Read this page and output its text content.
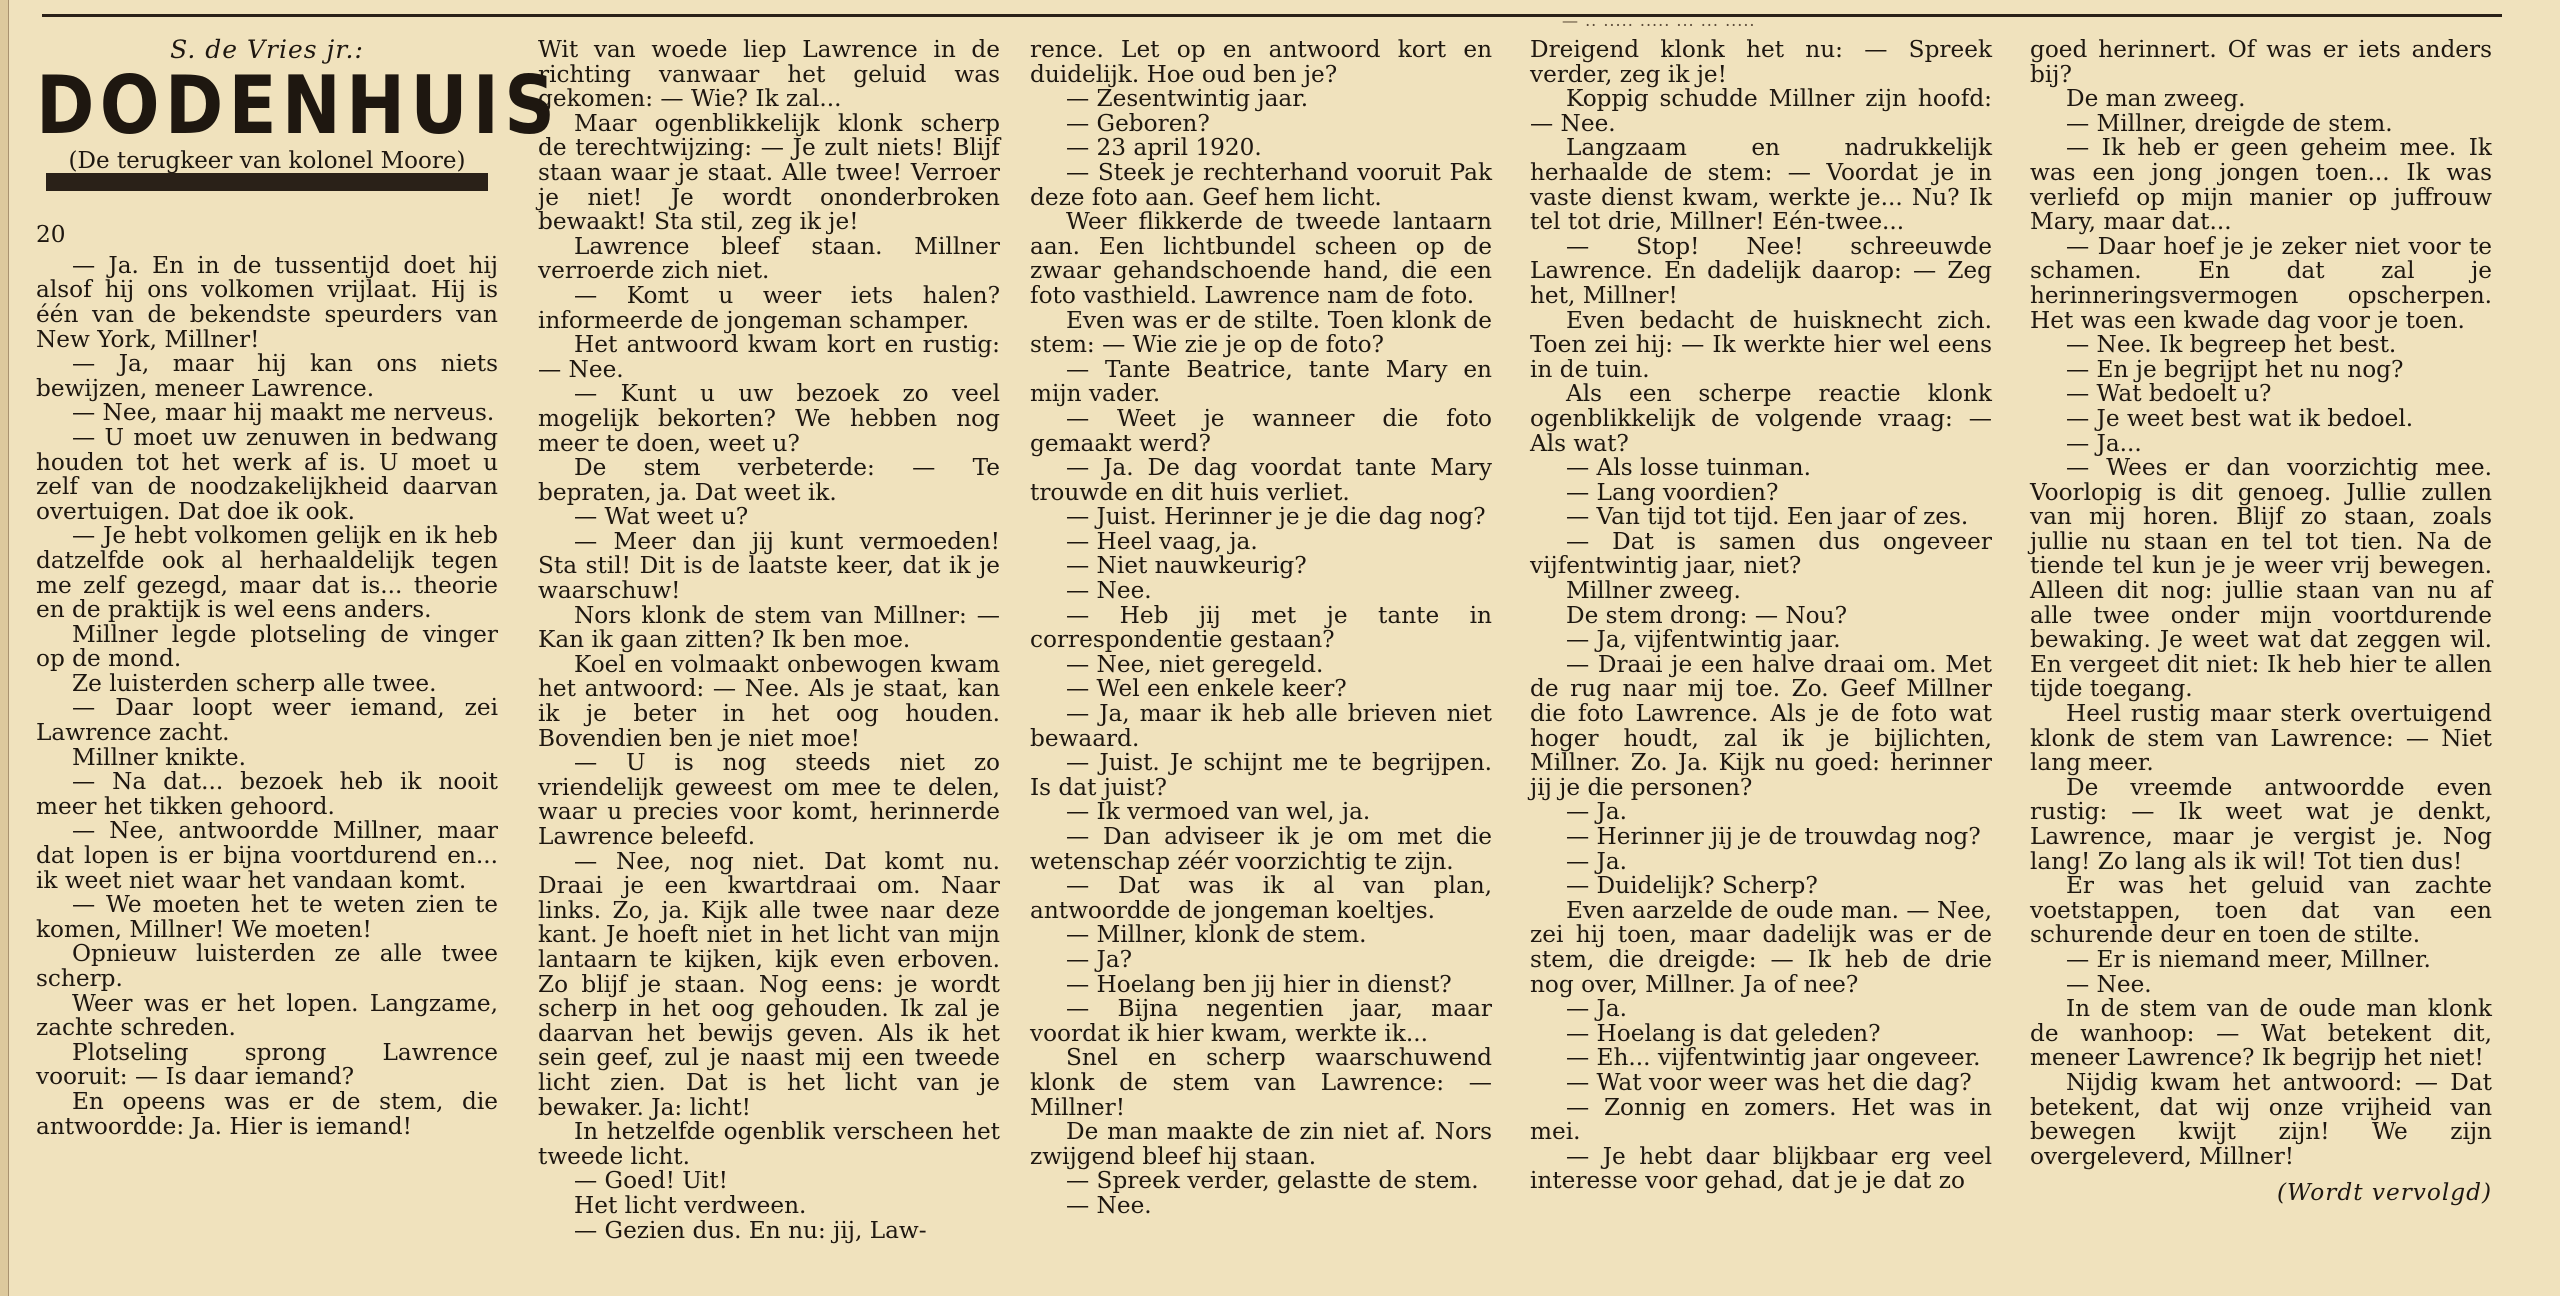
— .. ..... ..... ... ... .....

S. de Vries jr.:

DODENHUIS

(De terugkeer van kolonel Moore)

20

— Ja. En in de tussentijd doet hij alsof hij ons volkomen vrijlaat. Hij is één van de bekendste speurders van New York, Millner!

— Ja, maar hij kan ons niets bewijzen, meneer Lawrence.

— Nee, maar hij maakt me nerveus.

— U moet uw zenuwen in bedwang houden tot het werk af is. U moet u zelf van de noodzakelijkheid daarvan overtuigen. Dat doe ik ook.

— Je hebt volkomen gelijk en ik heb datzelfde ook al herhaaldelijk tegen me zelf gezegd, maar dat is... theorie en de praktijk is wel eens anders.

Millner legde plotseling de vinger op de mond.

Ze luisterden scherp alle twee.

— Daar loopt weer iemand, zei Lawrence zacht.

Millner knikte.

— Na dat... bezoek heb ik nooit meer het tikken gehoord.

— Nee, antwoordde Millner, maar dat lopen is er bijna voortdurend en... ik weet niet waar het vandaan komt.

— We moeten het te weten zien te komen, Millner! We moeten!

Opnieuw luisterden ze alle twee scherp.

Weer was er het lopen. Langzame, zachte schreden.

Plotseling sprong Lawrence vooruit: — Is daar iemand?

En opeens was er de stem, die antwoordde: Ja. Hier is iemand!

Wit van woede liep Lawrence in de richting vanwaar het geluid was gekomen: — Wie? Ik zal...

Maar ogenblikkelijk klonk scherp de terechtwijzing: — Je zult niets! Blijf staan waar je staat. Alle twee! Verroer je niet! Je wordt ononderbroken bewaakt! Sta stil, zeg ik je!

Lawrence bleef staan. Millner verroerde zich niet.

— Komt u weer iets halen? informeerde de jongeman schamper.

Het antwoord kwam kort en rustig: — Nee.

— Kunt u uw bezoek zo veel mogelijk bekorten? We hebben nog meer te doen, weet u?

De stem verbeterde: — Te bepraten, ja. Dat weet ik.

— Wat weet u?

— Meer dan jij kunt vermoeden! Sta stil! Dit is de laatste keer, dat ik je waarschuw!

Nors klonk de stem van Millner: — Kan ik gaan zitten? Ik ben moe.

Koel en volmaakt onbewogen kwam het antwoord: — Nee. Als je staat, kan ik je beter in het oog houden. Bovendien ben je niet moe!

— U is nog steeds niet zo vriendelijk geweest om mee te delen, waar u precies voor komt, herinnerde Lawrence beleefd.

— Nee, nog niet. Dat komt nu. Draai je een kwartdraai om. Naar links. Zo, ja. Kijk alle twee naar deze kant. Je hoeft niet in het licht van mijn lantaarn te kijken, kijk even erboven. Zo blijf je staan. Nog eens: je wordt scherp in het oog gehouden. Ik zal je daarvan het bewijs geven. Als ik het sein geef, zul je naast mij een tweede licht zien. Dat is het licht van je bewaker. Ja: licht!

In hetzelfde ogenblik verscheen het tweede licht.

— Goed! Uit!

Het licht verdween.

— Gezien dus. En nu: jij, Law-

rence. Let op en antwoord kort en duidelijk. Hoe oud ben je?

— Zesentwintig jaar.

— Geboren?

— 23 april 1920.

— Steek je rechterhand vooruit Pak deze foto aan. Geef hem licht.

Weer flikkerde de tweede lantaarn aan. Een lichtbundel scheen op de zwaar gehandschoende hand, die een foto vasthield. Lawrence nam de foto.

Even was er de stilte. Toen klonk de stem: — Wie zie je op de foto?

— Tante Beatrice, tante Mary en mijn vader.

— Weet je wanneer die foto gemaakt werd?

— Ja. De dag voordat tante Mary trouwde en dit huis verliet.

— Juist. Herinner je je die dag nog?

— Heel vaag, ja.

— Niet nauwkeurig?

— Nee.

— Heb jij met je tante in correspondentie gestaan?

— Nee, niet geregeld.

— Wel een enkele keer?

— Ja, maar ik heb alle brieven niet bewaard.

— Juist. Je schijnt me te begrijpen. Is dat juist?

— Ik vermoed van wel, ja.

— Dan adviseer ik je om met die wetenschap zéér voorzichtig te zijn.

— Dat was ik al van plan, antwoordde de jongeman koeltjes.

— Millner, klonk de stem.

— Ja?

— Hoelang ben jij hier in dienst?

— Bijna negentien jaar, maar voordat ik hier kwam, werkte ik...

Snel en scherp waarschuwend klonk de stem van Lawrence: — Millner!

De man maakte de zin niet af. Nors zwijgend bleef hij staan.

— Spreek verder, gelastte de stem.

— Nee.

Dreigend klonk het nu: — Spreek verder, zeg ik je!

Koppig schudde Millner zijn hoofd: — Nee.

Langzaam en nadrukkelijk herhaalde de stem: — Voordat je in vaste dienst kwam, werkte je... Nu? Ik tel tot drie, Millner! Eén-twee...

— Stop! Nee! schreeuwde Lawrence. En dadelijk daarop: — Zeg het, Millner!

Even bedacht de huisknecht zich. Toen zei hij: — Ik werkte hier wel eens in de tuin.

Als een scherpe reactie klonk ogenblikkelijk de volgende vraag: — Als wat?

— Als losse tuinman.

— Lang voordien?

— Van tijd tot tijd. Een jaar of zes.

— Dat is samen dus ongeveer vijfentwintig jaar, niet?

Millner zweeg.

De stem drong: — Nou?

— Ja, vijfentwintig jaar.

— Draai je een halve draai om. Met de rug naar mij toe. Zo. Geef Millner die foto Lawrence. Als je de foto wat hoger houdt, zal ik je bijlichten, Millner. Zo. Ja. Kijk nu goed: herinner jij je die personen?

— Ja.

— Herinner jij je de trouwdag nog?

— Ja.

— Duidelijk? Scherp?

Even aarzelde de oude man. — Nee, zei hij toen, maar dadelijk was er de stem, die dreigde: — Ik heb de drie nog over, Millner. Ja of nee?

— Ja.

— Hoelang is dat geleden?

— Eh... vijfentwintig jaar ongeveer.

— Wat voor weer was het die dag?

— Zonnig en zomers. Het was in mei.

— Je hebt daar blijkbaar erg veel interesse voor gehad, dat je je dat zo

goed herinnert. Of was er iets anders bij?

De man zweeg.

— Millner, dreigde de stem.

— Ik heb er geen geheim mee. Ik was een jong jongen toen... Ik was verliefd op mijn manier op juffrouw Mary, maar dat...

— Daar hoef je je zeker niet voor te schamen. En dat zal je herinneringsvermogen opscherpen. Het was een kwade dag voor je toen.

— Nee. Ik begreep het best.

— En je begrijpt het nu nog?

— Wat bedoelt u?

— Je weet best wat ik bedoel.

— Ja...

— Wees er dan voorzichtig mee. Voorlopig is dit genoeg. Jullie zullen van mij horen. Blijf zo staan, zoals jullie nu staan en tel tot tien. Na de tiende tel kun je je weer vrij bewegen. Alleen dit nog: jullie staan van nu af alle twee onder mijn voortdurende bewaking. Je weet wat dat zeggen wil. En vergeet dit niet: Ik heb hier te allen tijde toegang.

Heel rustig maar sterk overtuigend klonk de stem van Lawrence: — Niet lang meer.

De vreemde antwoordde even rustig: — Ik weet wat je denkt, Lawrence, maar je vergist je. Nog lang! Zo lang als ik wil! Tot tien dus!

Er was het geluid van zachte voetstappen, toen dat van een schurende deur en toen de stilte.

— Er is niemand meer, Millner.

— Nee.

In de stem van de oude man klonk de wanhoop: — Wat betekent dit, meneer Lawrence? Ik begrijp het niet!

Nijdig kwam het antwoord: — Dat betekent, dat wij onze vrijheid van bewegen kwijt zijn! We zijn overgeleverd, Millner!

(Wordt vervolgd)
